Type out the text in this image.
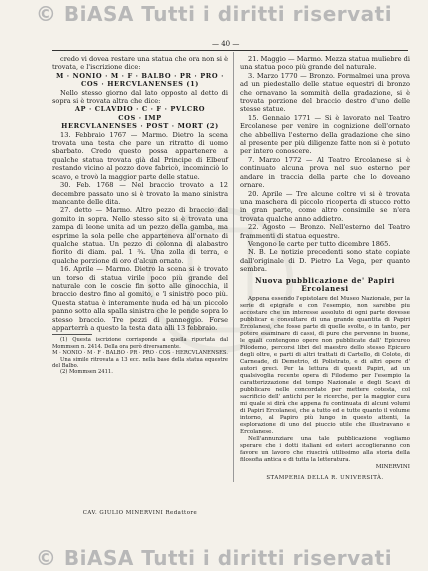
© BiASA Tutti i diritti riservati
— 40 —

credo vi dovea restare una statua che ora non si è trovata, e l'iscrizione dice:

M · NONIO · M · F · BALBO · PR · PRO · COS · HERCVLANENSES (1)

Nello stesso giorno dal lato opposto al detto di sopra si è trovata altra che dice:

AP · CLAVDIO · C · F · PVLCRO

COS · IMP

HERCVLANENSES · POST · MORT (2)

13. Febbraio 1767 — Marmo. Dietro la scena trovata una testa che pare un ritratto di uomo sbarbato. Credo questo possa appartenere a qualche statua trovata già dal Principe di Elbeuf restando vicino al pozzo dove fabricò, incominciò lo scavo, e trovò la maggior parte delle statue.

30. Feb. 1768 — Nel braccio trovato a 12 decembre passato uno si è trovato la mano sinistra mancante delle dita.

27. detto — Marmo. Altro pezzo di braccio dal gomito in sopra. Nello stesso sito si è trovata una zampa di leone unita ad un pezzo della gamba, ma esprime la sola pelle che apparteneva all'ornato di qualche statua. Un pezzo di colonna di alabastro fiorito di diam. pal. 1 ¾. Una zolla di terra, e qualche porzione di oro d'alcun ornato.

16. Aprile — Marmo. Dietro la scena si è trovato un torso di statua virile poco più grande del naturale con le coscie fin sotto alle ginocchia, il braccio destro fino al gomito, e 'l sinistro poco più. Questa statua è interamente nuda ed ha un piccolo panno sotto alla spalla sinistra che le pende sopra lo stesso braccio. Tre pezzi di panneggio. Forse apparterrà a questo la testa data alli 13 febbraio.

(1) Questa iscrizione corrisponde a quella riportata dal Mommsen n. 2414. Della ora però diversamente.

M · NONIO · M · F · BALBO · PR · PRO · COS · HERCVLANENSES.

Una simile ritrovata a 13 ecc. nella base della statua equestre del Balbo.

(2) Mommsen 2411.

CAV. GIULIO MINERVINI Redattore

21. Maggio — Marmo. Mezza statua muliebre di una statua poco più grande del naturale.

3. Marzo 1770 — Bronzo. Formalmei una prova ad un piedestallo delle statue equestri di bronzo che ornavano la sommità della gradazione, si è trovata porzione del braccio destro d'uno delle stesse statue.

15. Gennaio 1771 — Si è lavorato nel Teatro Ercolanese per venire in cognizione dell'ornato che abbelliva l'esterno della gradazione che sino al presente per più diligenze fatte non si è potuto per intero conoscere.

7. Marzo 1772 — Al Teatro Ercolanese si è continuato alcuna prova nel suo esterno per andare in traccia della parte che lo doveano ornare.

20. Aprile — Tre alcune coltre vi si è trovata una maschera di piccolo ricoperta di stucco rotto in gran parte, come altro consimile se n'era trovata qualche anno addietro.

22. Agosto — Bronzo. Nell'esterno del Teatro frammenti di statua equestre.

Vengono le carte per tutto dicembre 1865.

N. B. Le notizie precedenti sono state copiate dall'originale di D. Pietro La Vega, per quanto sembra.

Nuova pubblicazione de' Papiri Ercolanesi

Appena essendo l'epistolare del Museo Nazionale, per la serie di epigrafe e con l'esempio, non sarebbe piu accostare che un interesse assoluto di ogni parte dovesse pubblicar e consultare di una grande quantita di Papiri Ercolanesi, che fosse parte di quelle svolte, o in tanto, per potere esaminare di cassi, di pure che pervenne in buone, le quali contengono opere non pubblicate dall' Epicureo Filodemo, percorsi libri del maestro dello stesso Epicuro degli oltre, e parti di altri trattati di Cartello, di Colote, di Carneade, di Demetrio, di Polistrato, e di altri opere d' autori greci. Per la lettura di questi Papiri, ad un qualsivoglia recente opera di Filodemo per l'esempio la caratterizzazione del tempo Nazionale e degli Scavi di pubblicare nelle concordate per mettere cotesta, col sacrificio dell' antichi per le ricerche, per la maggior cura mi quale si dirà che appena fu continuata di alcuni volumi di Papiri Ercolanesi, che a tutto ed e tutte quanto il volume intorno, al Papiro più lungo in questo attenti, la esplorazione di uno del piuccio utile che illustravano e Ercolanese.

Nell'annunziare una tale pubblicazione vogliamo sperare che i dotti italiani ed esteri accoglieranno con favore un lavoro che riuscirà utilissimo alla storia della filosofia antica e di tutta la letteratura.

MINERVINI

STAMPERIA DELLA R. UNIVERSITÀ.
© BiASA Tutti i diritti riservati
